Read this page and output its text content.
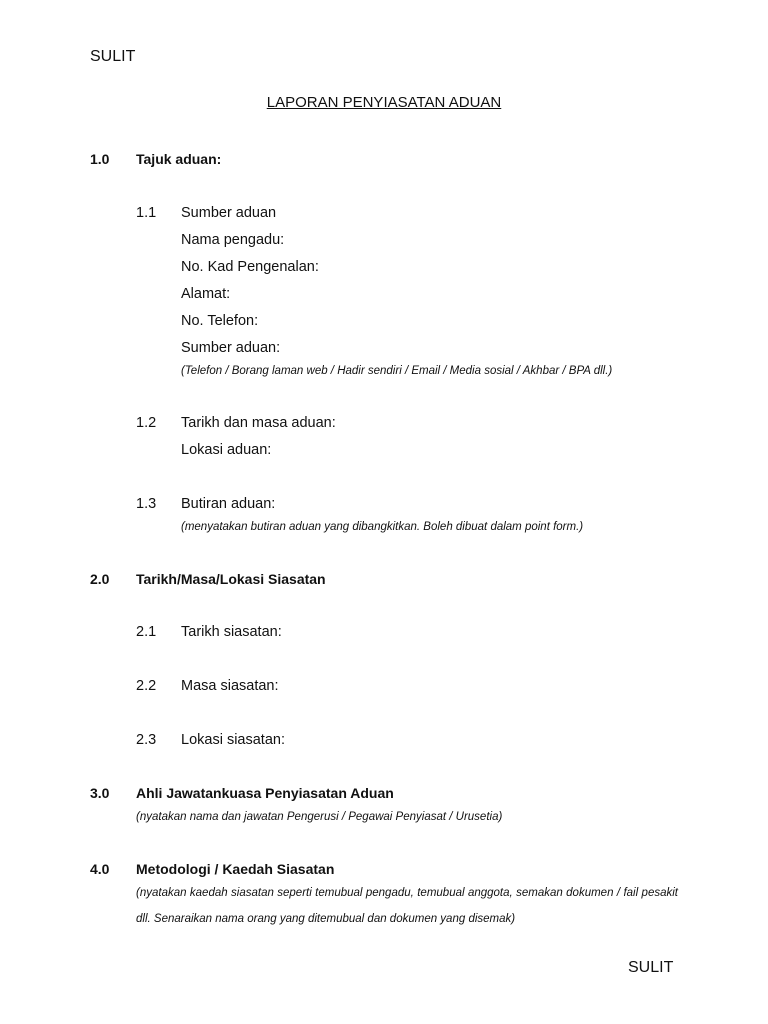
SULIT
LAPORAN PENYIASATAN ADUAN
1.0 Tajuk aduan:
1.1 Sumber aduan
Nama pengadu:
No. Kad Pengenalan:
Alamat:
No. Telefon:
Sumber aduan:
(Telefon / Borang laman web / Hadir sendiri / Email / Media sosial / Akhbar / BPA dll.)
1.2 Tarikh dan masa aduan:
Lokasi aduan:
1.3 Butiran aduan:
(menyatakan butiran aduan yang dibangkitkan. Boleh dibuat dalam point form.)
2.0 Tarikh/Masa/Lokasi Siasatan
2.1 Tarikh siasatan:
2.2 Masa siasatan:
2.3 Lokasi siasatan:
3.0 Ahli Jawatankuasa Penyiasatan Aduan
(nyatakan nama dan jawatan Pengerusi / Pegawai Penyiasat / Urusetia)
4.0 Metodologi / Kaedah Siasatan
(nyatakan kaedah siasatan seperti temubual pengadu, temubual anggota, semakan dokumen / fail pesakit dll. Senaraikan nama orang yang ditemubual dan dokumen yang disemak)
SULIT
